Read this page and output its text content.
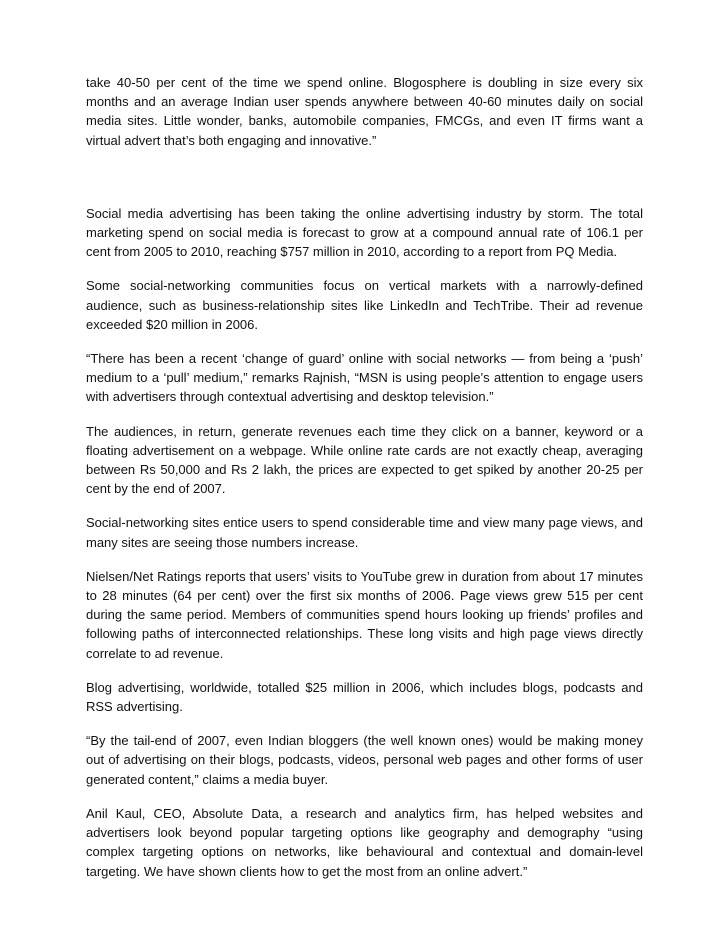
take 40-50 per cent of the time we spend online. Blogosphere is doubling in size every six months and an average Indian user spends anywhere between 40-60 minutes daily on social media sites. Little wonder, banks, automobile companies, FMCGs, and even IT firms want a virtual advert that’s both engaging and innovative.”

Social media advertising has been taking the online advertising industry by storm. The total marketing spend on social media is forecast to grow at a compound annual rate of 106.1 per cent from 2005 to 2010, reaching $757 million in 2010, according to a report from PQ Media.

Some social-networking communities focus on vertical markets with a narrowly-defined audience, such as business-relationship sites like LinkedIn and TechTribe. Their ad revenue exceeded $20 million in 2006.

“There has been a recent ‘change of guard’ online with social networks — from being a ‘push’ medium to a ‘pull’ medium,” remarks Rajnish, “MSN is using people’s attention to engage users with advertisers through contextual advertising and desktop television.”

The audiences, in return, generate revenues each time they click on a banner, keyword or a floating advertisement on a webpage. While online rate cards are not exactly cheap, averaging between Rs 50,000 and Rs 2 lakh, the prices are expected to get spiked by another 20-25 per cent by the end of 2007.

Social-networking sites entice users to spend considerable time and view many page views, and many sites are seeing those numbers increase.

Nielsen/Net Ratings reports that users’ visits to YouTube grew in duration from about 17 minutes to 28 minutes (64 per cent) over the first six months of 2006. Page views grew 515 per cent during the same period. Members of communities spend hours looking up friends’ profiles and following paths of interconnected relationships. These long visits and high page views directly correlate to ad revenue.

Blog advertising, worldwide, totalled $25 million in 2006, which includes blogs, podcasts and RSS advertising.

“By the tail-end of 2007, even Indian bloggers (the well known ones) would be making money out of advertising on their blogs, podcasts, videos, personal web pages and other forms of user generated content,” claims a media buyer.

Anil Kaul, CEO, Absolute Data, a research and analytics firm, has helped websites and advertisers look beyond popular targeting options like geography and demography “using complex targeting options on networks, like behavioural and contextual and domain-level targeting. We have shown clients how to get the most from an online advert.”
